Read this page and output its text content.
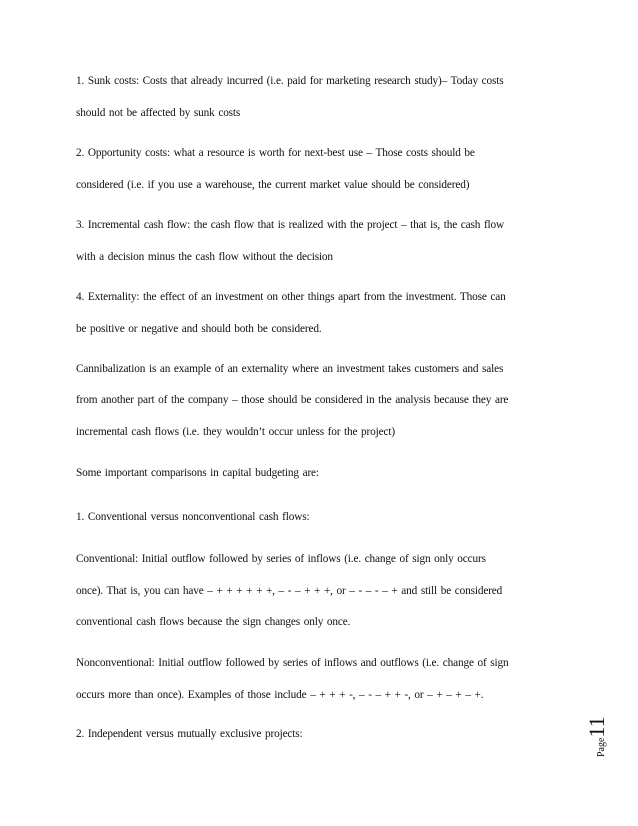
1. Sunk costs: Costs that already incurred (i.e. paid for marketing research study)– Today costs
should not be affected by sunk costs
2. Opportunity costs: what a resource is worth for next-best use – Those costs should be
considered (i.e. if you use a warehouse, the current market value should be considered)
3. Incremental cash flow: the cash flow that is realized with the project – that is, the cash flow
with a decision minus the cash flow without the decision
4. Externality: the effect of an investment on other things apart from the investment. Those can
be positive or negative and should both be considered.
Cannibalization is an example of an externality where an investment takes customers and sales
from another part of the company – those should be considered in the analysis because they are
incremental cash flows (i.e. they wouldn’t occur unless for the project)
Some important comparisons in capital budgeting are:
1. Conventional versus nonconventional cash flows:
Conventional: Initial outflow followed by series of inflows (i.e. change of sign only occurs
once). That is, you can have – + + + + + +, – - – + + +, or – - – - – + and still be considered
conventional cash flows because the sign changes only once.
Nonconventional: Initial outflow followed by series of inflows and outflows (i.e. change of sign
occurs more than once). Examples of those include – + + + -, – - – + + -, or – + – + – +.
2. Independent versus mutually exclusive projects:
Page11
